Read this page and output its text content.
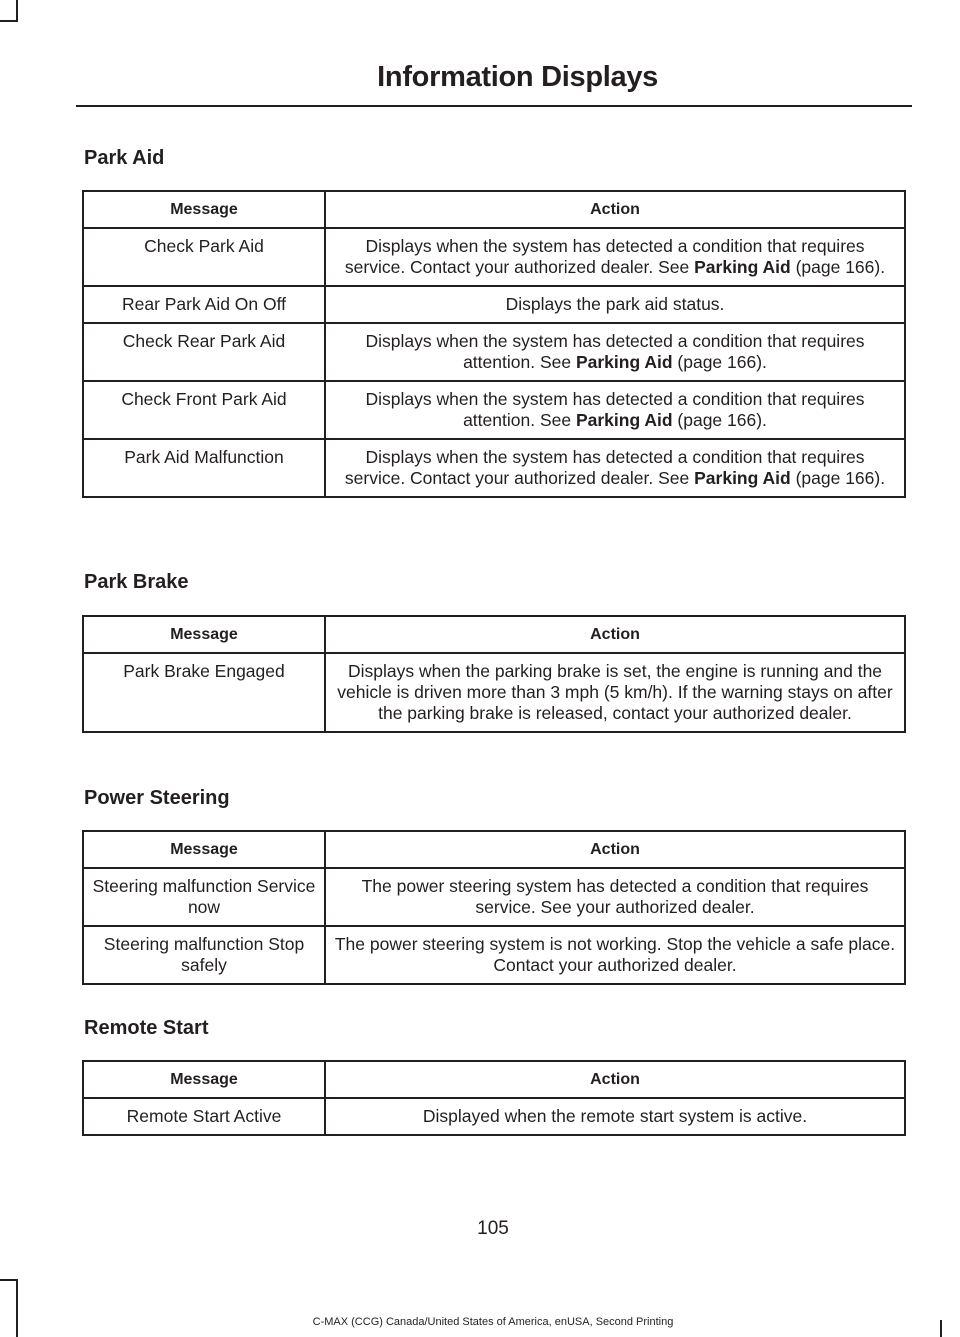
Information Displays
Park Aid
Message	Action
Check Park Aid	Displays when the system has detected a condition that requires service. Contact your authorized dealer. See Parking Aid (page 166).
Rear Park Aid On Off	Displays the park aid status.
Check Rear Park Aid	Displays when the system has detected a condition that requires attention. See Parking Aid (page 166).
Check Front Park Aid	Displays when the system has detected a condition that requires attention. See Parking Aid (page 166).
Park Aid Malfunction	Displays when the system has detected a condition that requires service. Contact your authorized dealer. See Parking Aid (page 166).
Park Brake
Message	Action
Park Brake Engaged	Displays when the parking brake is set, the engine is running and the vehicle is driven more than 3 mph (5 km/h). If the warning stays on after the parking brake is released, contact your authorized dealer.
Power Steering
Message	Action
Steering malfunction Service now	The power steering system has detected a condition that requires service. See your authorized dealer.
Steering malfunction Stop safely	The power steering system is not working. Stop the vehicle a safe place. Contact your authorized dealer.
Remote Start
Message	Action
Remote Start Active	Displayed when the remote start system is active.
105
C-MAX (CCG) Canada/United States of America, enUSA, Second Printing
